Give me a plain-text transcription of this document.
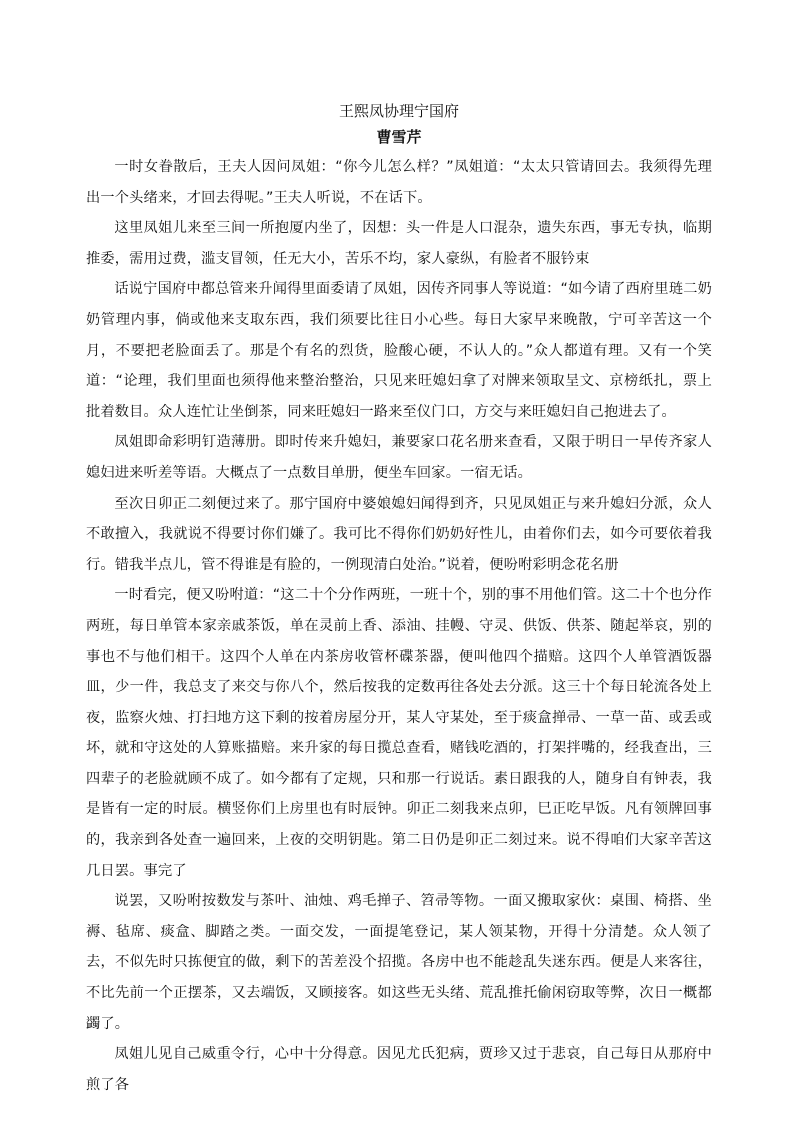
王熙凤协理宁国府
曹雪芹

一时女眷散后，王夫人因问凤姐：“你今儿怎么样？”凤姐道：“太太只管请回去。我须得先理出一个头绪来，才回去得呢。”王夫人听说，不在话下。

这里凤姐儿来至三间一所抱厦内坐了，因想：头一件是人口混杂，遗失东西，事无专执，临期推委，需用过费，滥支冒领，任无大小，苦乐不均，家人豪纵，有脸者不服钤束

话说宁国府中都总管来升闻得里面委请了凤姐，因传齐同事人等说道：“如今请了西府里琏二奶奶管理内事，倘或他来支取东西，我们须要比往日小心些。每日大家早来晚散，宁可辛苦这一个月，不要把老脸面丢了。那是个有名的烈货，脸酸心硬，不认人的。”众人都道有理。又有一个笑道：“论理，我们里面也须得他来整治整治，只见来旺媳妇拿了对牌来领取呈文、京榜纸扎，票上批着数目。众人连忙让坐倒茶，同来旺媳妇一路来至仪门口，方交与来旺媳妇自己抱进去了。

凤姐即命彩明钉造薄册。即时传来升媳妇，兼要家口花名册来查看，又限于明日一早传齐家人媳妇进来听差等语。大概点了一点数目单册，便坐车回家。一宿无话。

至次日卯正二刻便过来了。那宁国府中婆娘媳妇闻得到齐，只见凤姐正与来升媳妇分派，众人不敢擅入，我就说不得要讨你们嫌了。我可比不得你们奶奶好性儿，由着你们去，如今可要依着我行。错我半点儿，管不得谁是有脸的，一例现清白处治。”说着，便吩咐彩明念花名册

一时看完，便又吩咐道：“这二十个分作两班，一班十个，别的事不用他们管。这二十个也分作两班，每日单管本家亲戚茶饭，单在灵前上香、添油、挂幔、守灵、供饭、供茶、随起举哀，别的事也不与他们相干。这四个人单在内茶房收管杯碟茶器，便叫他四个描赔。这四个人单管酒饭器皿，少一件，我总支了来交与你八个，然后按我的定数再往各处去分派。这三十个每日轮流各处上夜，监察火烛、打扫地方这下剩的按着房屋分开，某人守某处，至于痰盒掸帚、一草一苗、或丢或坏，就和守这处的人算账描赔。来升家的每日揽总查看，赌钱吃酒的，打架拌嘴的，经我查出，三四辈子的老脸就顾不成了。如今都有了定规，只和那一行说话。素日跟我的人，随身自有钟表，我是皆有一定的时辰。横竖你们上房里也有时辰钟。卯正二刻我来点卯，巳正吃早饭。凡有领牌回事的，我亲到各处查一遍回来，上夜的交明钥匙。第二日仍是卯正二刻过来。说不得咱们大家辛苦这几日罢。事完了

说罢，又吩咐按数发与茶叶、油烛、鸡毛掸子、笤帚等物。一面又搬取家伙：桌围、椅搭、坐褥、毡席、痰盒、脚踏之类。一面交发，一面提笔登记，某人领某物，开得十分清楚。众人领了去，不似先时只拣便宜的做，剩下的苦差没个招揽。各房中也不能趁乱失迷东西。便是人来客往，不比先前一个正摆茶，又去端饭，又顾接客。如这些无头绪、荒乱推托偷闲窃取等弊，次日一概都蠲了。

凤姐儿见自己威重令行，心中十分得意。因见尤氏犯病，贾珍又过于悲哀，自己每日从那府中煎了各
